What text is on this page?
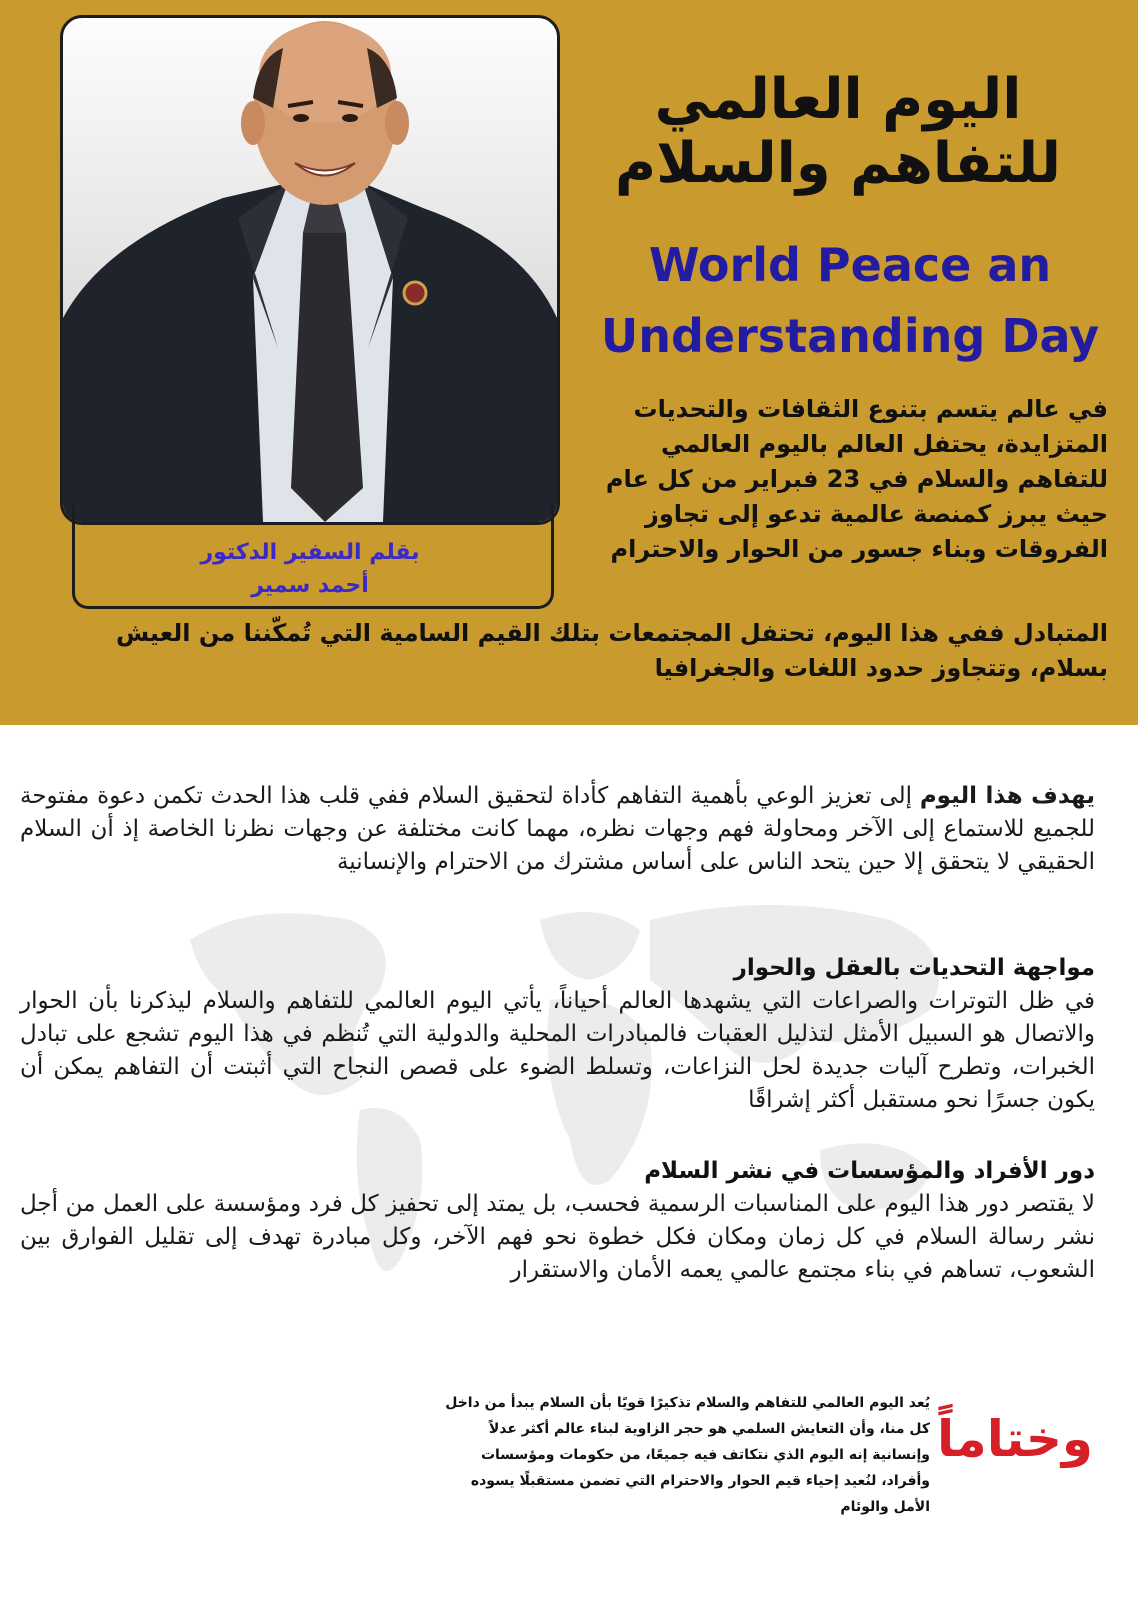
بقلم السفير الدكتور
أحمد سمير
اليوم العالمي للتفاهم والسلام
World Peace an
Understanding Day
في عالم يتسم بتنوع الثقافات والتحديات المتزايدة، يحتفل العالم باليوم العالمي للتفاهم والسلام في 23 فبراير من كل عام حيث يبرز كمنصة عالمية تدعو إلى تجاوز الفروقات وبناء جسور من الحوار والاحترام
المتبادل ففي هذا اليوم، تحتفل المجتمعات بتلك القيم السامية التي تُمكّننا من العيش بسلام، وتتجاوز حدود اللغات والجغرافيا
يهدف هذا اليوم إلى تعزيز الوعي بأهمية التفاهم كأداة لتحقيق السلام ففي قلب هذا الحدث تكمن دعوة مفتوحة للجميع للاستماع إلى الآخر ومحاولة فهم وجهات نظره، مهما كانت مختلفة عن وجهات نظرنا الخاصة إذ أن السلام الحقيقي لا يتحقق إلا حين يتحد الناس على أساس مشترك من الاحترام والإنسانية
مواجهة التحديات بالعقل والحوار
في ظل التوترات والصراعات التي يشهدها العالم أحياناً، يأتي اليوم العالمي للتفاهم والسلام ليذكرنا بأن الحوار والاتصال هو السبيل الأمثل لتذليل العقبات فالمبادرات المحلية والدولية التي تُنظم في هذا اليوم تشجع على تبادل الخبرات، وتطرح آليات جديدة لحل النزاعات، وتسلط الضوء على قصص النجاح التي أثبتت أن التفاهم يمكن أن يكون جسرًا نحو مستقبل أكثر إشراقًا
دور الأفراد والمؤسسات في نشر السلام
لا يقتصر دور هذا اليوم على المناسبات الرسمية فحسب، بل يمتد إلى تحفيز كل فرد ومؤسسة على العمل من أجل نشر رسالة السلام في كل زمان ومكان فكل خطوة نحو فهم الآخر، وكل مبادرة تهدف إلى تقليل الفوارق بين الشعوب، تساهم في بناء مجتمع عالمي يعمه الأمان والاستقرار
وختاماً
يُعد اليوم العالمي للتفاهم والسلام تذكيرًا قويًا بأن السلام يبدأ من داخل كل منا، وأن التعايش السلمي هو حجر الزاوية لبناء عالم أكثر عدلاً وإنسانية إنه اليوم الذي نتكاتف فيه جميعًا، من حكومات ومؤسسات وأفراد، لنُعيد إحياء قيم الحوار والاحترام التي تضمن مستقبلًا يسوده الأمل والوئام
